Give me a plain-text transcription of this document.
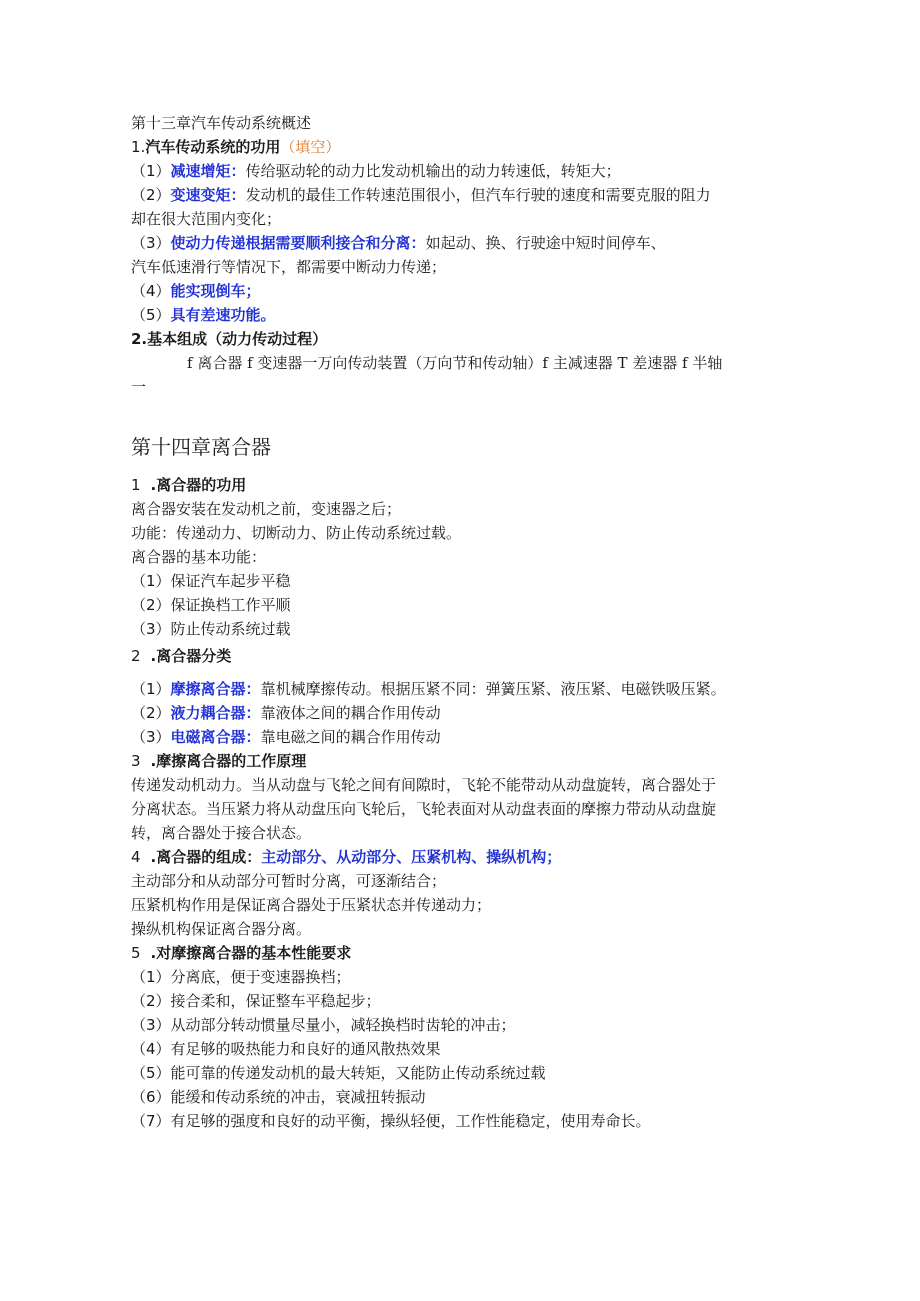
第十三章汽车传动系统概述
1.汽车传动系统的功用（填空）
（1）减速增矩：传给驱动轮的动力比发动机输出的动力转速低，转矩大；
（2）变速变矩：发动机的最佳工作转速范围很小，但汽车行驶的速度和需要克服的阻力
却在很大范围内变化；
（3）使动力传递根据需要顺利接合和分离：如起动、换、行驶途中短时间停车、
汽车低速滑行等情况下，都需要中断动力传递；
（4）能实现倒车；
（5）具有差速功能。
2.基本组成（动力传动过程）
f 离合器 f 变速器一万向传动装置（万向节和传动轴）f 主减速器 T 差速器 f 半轴
一
第十四章离合器
1 .离合器的功用
离合器安装在发动机之前，变速器之后；
功能：传递动力、切断动力、防止传动系统过载。
离合器的基本功能：
（1）保证汽车起步平稳
（2）保证换档工作平顺
（3）防止传动系统过载
2 .离合器分类
（1）摩擦离合器：靠机械摩擦传动。根据压紧不同：弹簧压紧、液压紧、电磁铁吸压紧。
（2）液力耦合器：靠液体之间的耦合作用传动
（3）电磁离合器：靠电磁之间的耦合作用传动
3 .摩擦离合器的工作原理
传递发动机动力。当从动盘与飞轮之间有间隙时，飞轮不能带动从动盘旋转，离合器处于
分离状态。当压紧力将从动盘压向飞轮后，飞轮表面对从动盘表面的摩擦力带动从动盘旋
转，离合器处于接合状态。
4 .离合器的组成：主动部分、从动部分、压紧机构、操纵机构；
主动部分和从动部分可暂时分离，可逐渐结合；
压紧机构作用是保证离合器处于压紧状态并传递动力；
操纵机构保证离合器分离。
5 .对摩擦离合器的基本性能要求
（1）分离底，便于变速器换档；
（2）接合柔和，保证整车平稳起步；
（3）从动部分转动惯量尽量小，减轻换档时齿轮的冲击；
（4）有足够的吸热能力和良好的通风散热效果
（5）能可靠的传递发动机的最大转矩，又能防止传动系统过载
（6）能缓和传动系统的冲击，衰减扭转振动
（7）有足够的强度和良好的动平衡，操纵轻便，工作性能稳定，使用寿命长。
